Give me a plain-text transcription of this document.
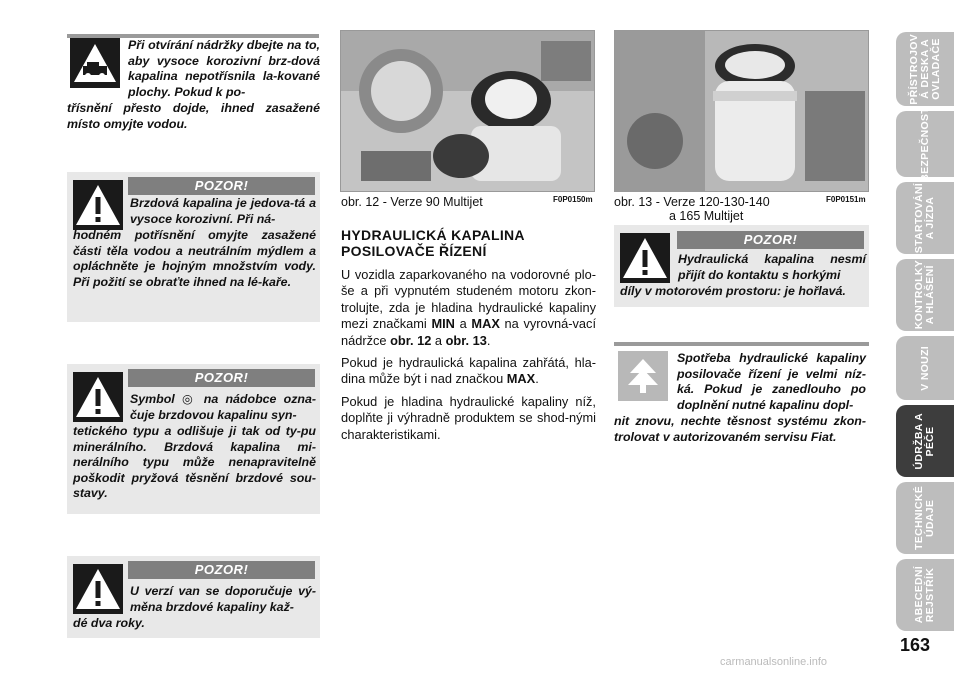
Při otvírání nádržky dbejte na to, aby vysoce korozivní brz-dová kapalina nepotřísnila la-kované plochy. Pokud k po-
třísnění přesto dojde, ihned zasažené místo omyjte vodou.
POZOR!
Brzdová kapalina je jedova-tá a vysoce korozivní. Při ná-
hodném potřísnění omyjte zasažené části těla vodou a neutrálním mýdlem a opláchněte je hojným množstvím vody. Při požití se obraťte ihned na lé-kaře.
POZOR!
Symbol ◎ na nádobce ozna-čuje brzdovou kapalinu syn-
tetického typu a odlišuje ji tak od ty-pu minerálního. Brzdová kapalina mi-nerálního typu může nenapravitelně poškodit pryžová těsnění brzdové sou-stavy.
POZOR!
U verzí van se doporučuje vý-měna brzdové kapaliny kaž-
dé dva roky.
obr. 12 - Verze 90 Multijet	F0P0150m
HYDRAULICKÁ KAPALINA
POSILOVAČE ŘÍZENÍ

U vozidla zaparkovaného na vodorovné plo-še a při vypnutém studeném motoru zkon-trolujte, zda je hladina hydraulické kapaliny mezi značkami MIN a MAX na vyrovná-vací nádržce obr. 12 a obr. 13.

Pokud je hydraulická kapalina zahřátá, hla-dina může být i nad značkou MAX.

Pokud je hladina hydraulické kapaliny níž, doplňte ji výhradně produktem se shod-nými charakteristikami.

obr. 13 - Verze 120-130-140
a 165 Multijet
F0P0151m
POZOR!
Hydraulická kapalina nesmí přijít do kontaktu s horkými
díly v motorovém prostoru: je hořlavá.
Spotřeba hydraulické kapaliny posilovače řízení je velmi níz-ká. Pokud je zanedlouho po doplnění nutné kapalinu dopl-
nit znovu, nechte těsnost systému zkon-trolovat v autorizovaném servisu Fiat.
PŘÍSTROJOV
Á DESKA A
OVLADAČE
BEZPEČNOST
STARTOVÁNÍ
A JÍZDA
KONTROLKY
A HLÁŠENÍ
V NOUZI
ÚDRŽBA A
PÉČE
TECHNICKÉ
ÚDAJE
ABECEDNÍ
REJSTŘÍK
163
carmanualsonline.info
